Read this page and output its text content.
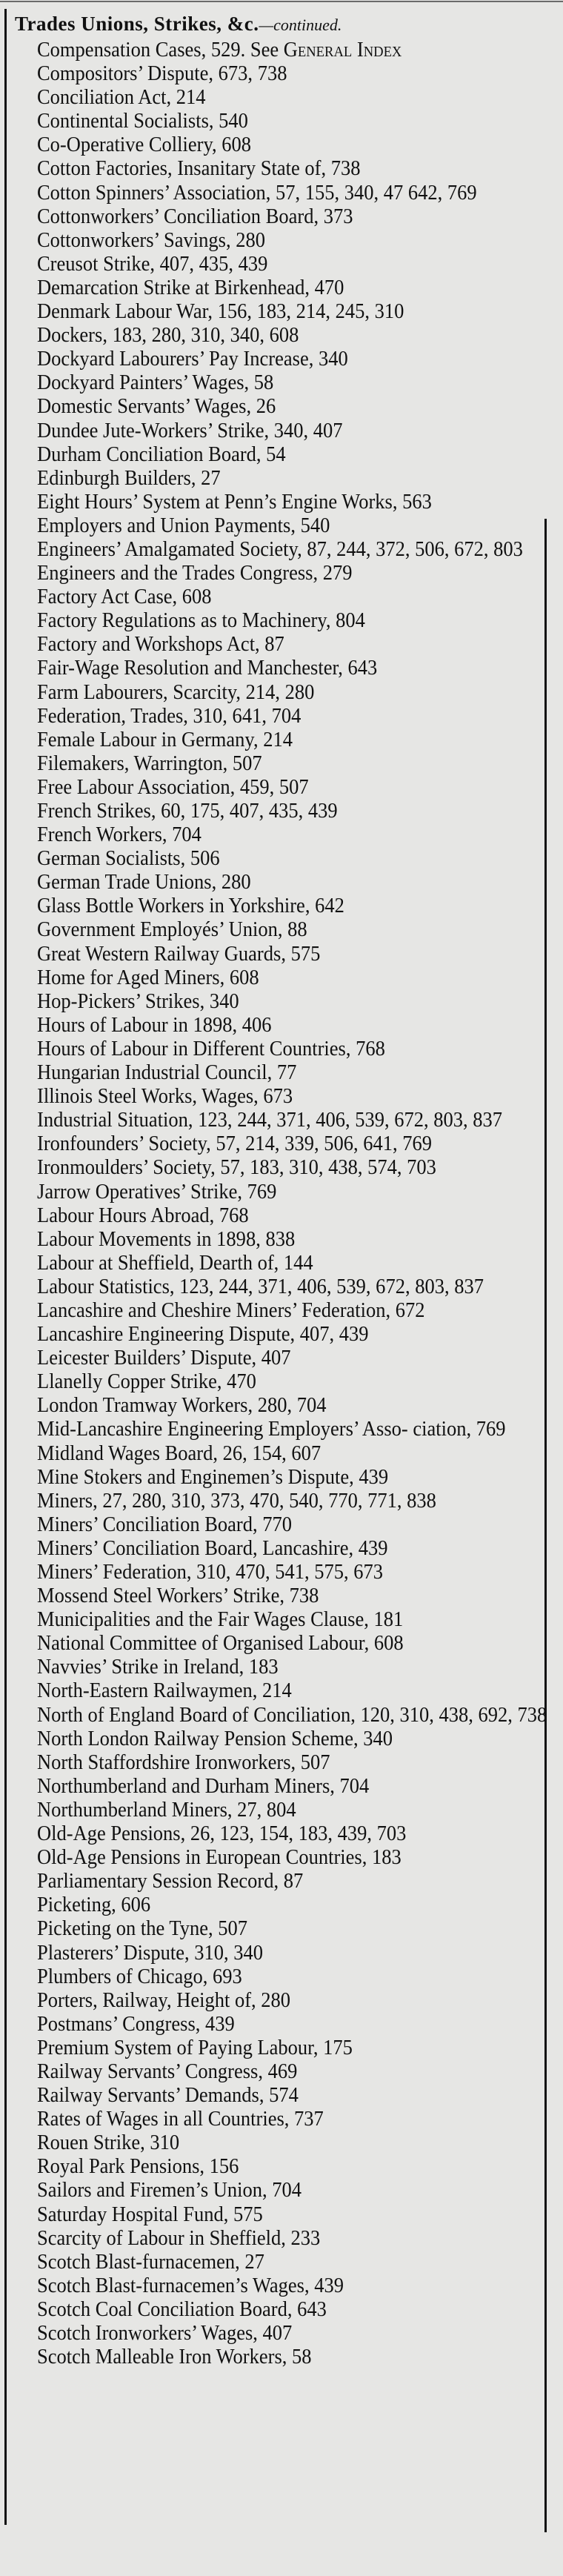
Trades Unions, Strikes, &c.—continued.
Compensation Cases, 529. See General Index
Compositors’ Dispute, 673, 738
Conciliation Act, 214
Continental Socialists, 540
Co-Operative Colliery, 608
Cotton Factories, Insanitary State of, 738
Cotton Spinners’ Association, 57, 155, 340, 47 642, 769
Cottonworkers’ Conciliation Board, 373
Cottonworkers’ Savings, 280
Creusot Strike, 407, 435, 439
Demarcation Strike at Birkenhead, 470
Denmark Labour War, 156, 183, 214, 245, 310
Dockers, 183, 280, 310, 340, 608
Dockyard Labourers’ Pay Increase, 340
Dockyard Painters’ Wages, 58
Domestic Servants’ Wages, 26
Dundee Jute-Workers’ Strike, 340, 407
Durham Conciliation Board, 54
Edinburgh Builders, 27
Eight Hours’ System at Penn’s Engine Works, 563
Employers and Union Payments, 540
Engineers’ Amalgamated Society, 87, 244, 372, 506, 672, 803
Engineers and the Trades Congress, 279
Factory Act Case, 608
Factory Regulations as to Machinery, 804
Factory and Workshops Act, 87
Fair-Wage Resolution and Manchester, 643
Farm Labourers, Scarcity, 214, 280
Federation, Trades, 310, 641, 704
Female Labour in Germany, 214
Filemakers, Warrington, 507
Free Labour Association, 459, 507
French Strikes, 60, 175, 407, 435, 439
French Workers, 704
German Socialists, 506
German Trade Unions, 280
Glass Bottle Workers in Yorkshire, 642
Government Employés’ Union, 88
Great Western Railway Guards, 575
Home for Aged Miners, 608
Hop-Pickers’ Strikes, 340
Hours of Labour in 1898, 406
Hours of Labour in Different Countries, 768
Hungarian Industrial Council, 77
Illinois Steel Works, Wages, 673
Industrial Situation, 123, 244, 371, 406, 539, 672, 803, 837
Ironfounders’ Society, 57, 214, 339, 506, 641, 769
Ironmoulders’ Society, 57, 183, 310, 438, 574, 703
Jarrow Operatives’ Strike, 769
Labour Hours Abroad, 768
Labour Movements in 1898, 838
Labour at Sheffield, Dearth of, 144
Labour Statistics, 123, 244, 371, 406, 539, 672, 803, 837
Lancashire and Cheshire Miners’ Federation, 672
Lancashire Engineering Dispute, 407, 439
Leicester Builders’ Dispute, 407
Llanelly Copper Strike, 470
London Tramway Workers, 280, 704
Mid-Lancashire Engineering Employers’ Asso- ciation, 769
Midland Wages Board, 26, 154, 607
Mine Stokers and Enginemen’s Dispute, 439
Miners, 27, 280, 310, 373, 470, 540, 770, 771, 838
Miners’ Conciliation Board, 770
Miners’ Conciliation Board, Lancashire, 439
Miners’ Federation, 310, 470, 541, 575, 673
Mossend Steel Workers’ Strike, 738
Municipalities and the Fair Wages Clause, 181
National Committee of Organised Labour, 608
Navvies’ Strike in Ireland, 183
North-Eastern Railwaymen, 214
North of England Board of Conciliation, 120, 310, 438, 692, 738
North London Railway Pension Scheme, 340
North Staffordshire Ironworkers, 507
Northumberland and Durham Miners, 704
Northumberland Miners, 27, 804
Old-Age Pensions, 26, 123, 154, 183, 439, 703
Old-Age Pensions in European Countries, 183
Parliamentary Session Record, 87
Picketing, 606
Picketing on the Tyne, 507
Plasterers’ Dispute, 310, 340
Plumbers of Chicago, 693
Porters, Railway, Height of, 280
Postmans’ Congress, 439
Premium System of Paying Labour, 175
Railway Servants’ Congress, 469
Railway Servants’ Demands, 574
Rates of Wages in all Countries, 737
Rouen Strike, 310
Royal Park Pensions, 156
Sailors and Firemen’s Union, 704
Saturday Hospital Fund, 575
Scarcity of Labour in Sheffield, 233
Scotch Blast-furnacemen, 27
Scotch Blast-furnacemen’s Wages, 439
Scotch Coal Conciliation Board, 643
Scotch Ironworkers’ Wages, 407
Scotch Malleable Iron Workers, 58
